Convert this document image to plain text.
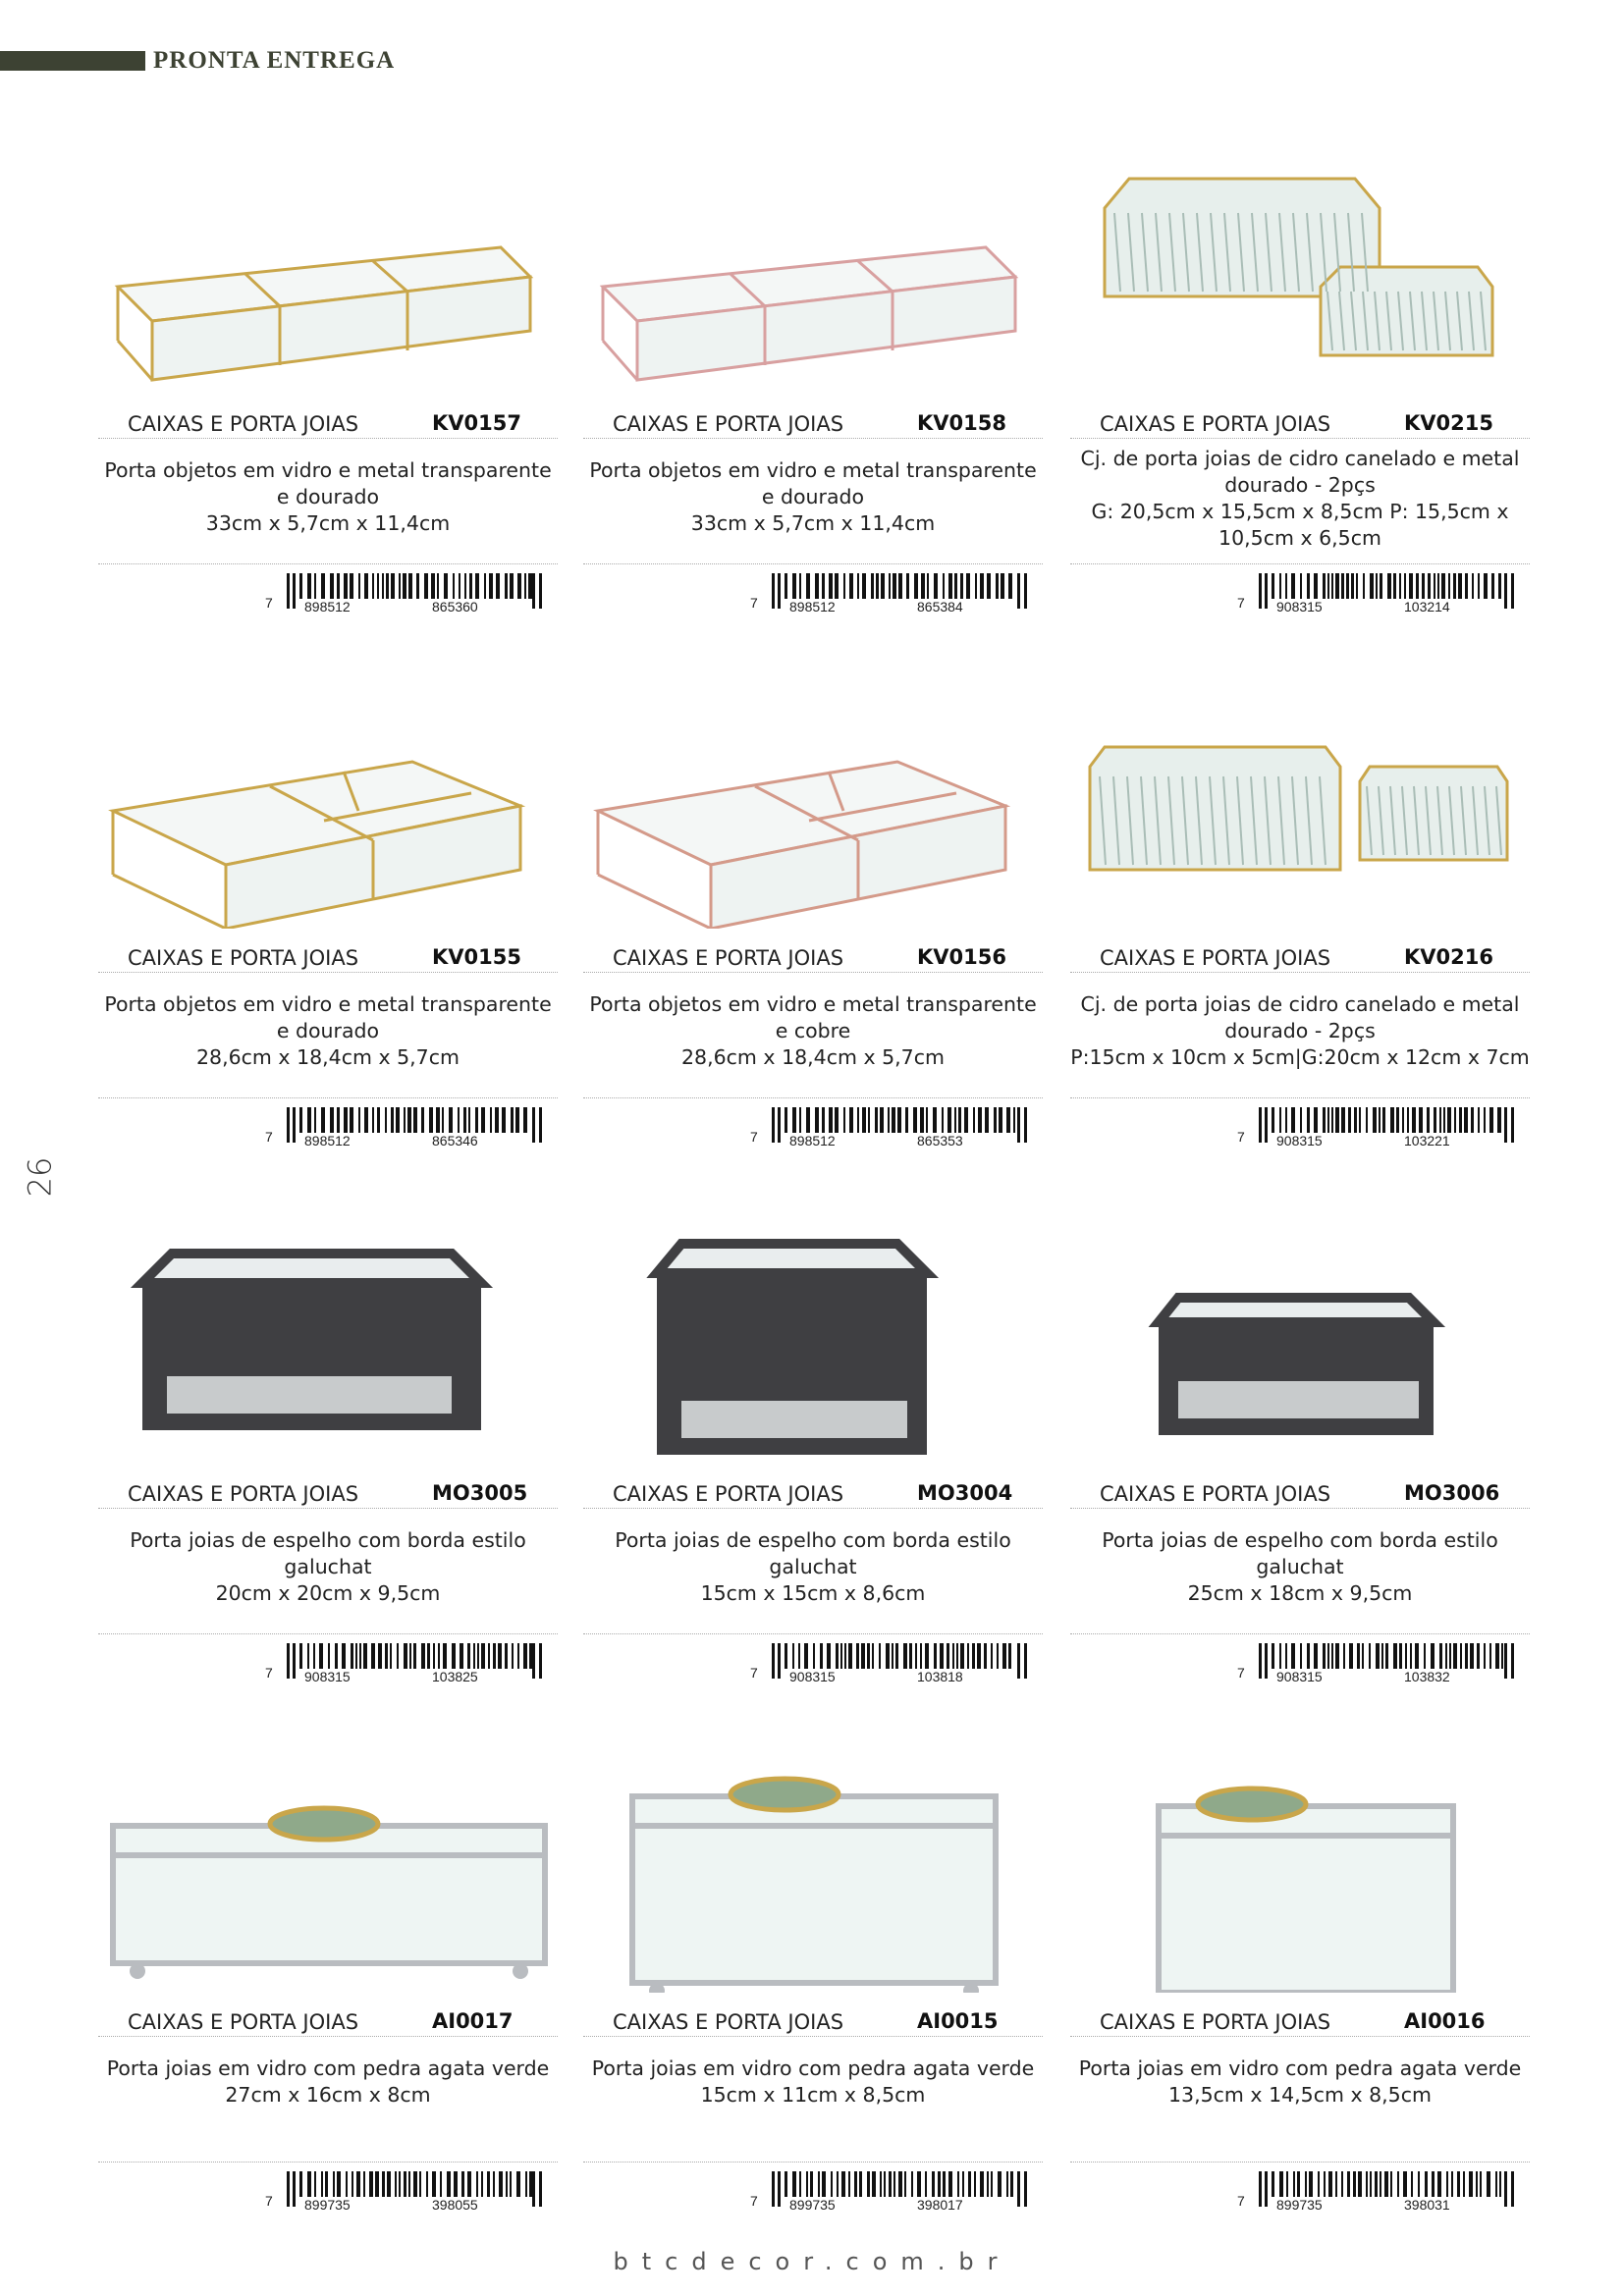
PRONTA ENTREGA
26
CAIXAS E PORTA JOIAS	KV0157
Porta objetos em vidro e metal transparente
e dourado
33cm x 5,7cm x 11,4cm
7 898512	865360
CAIXAS E PORTA JOIAS	KV0158
Porta objetos em vidro e metal transparente
e dourado
33cm x 5,7cm x 11,4cm
7 898512	865384
CAIXAS E PORTA JOIAS	KV0215
Cj. de porta joias de cidro canelado e metal
dourado - 2pçs
G: 20,5cm x 15,5cm x 8,5cm P: 15,5cm x
10,5cm x 6,5cm
7 908315	103214
CAIXAS E PORTA JOIAS	KV0155
Porta objetos em vidro e metal transparente
e dourado
28,6cm x 18,4cm x 5,7cm
7 898512	865346
CAIXAS E PORTA JOIAS	KV0156
Porta objetos em vidro e metal transparente
e cobre
28,6cm x 18,4cm x 5,7cm
7 898512	865353
CAIXAS E PORTA JOIAS	KV0216
Cj. de porta joias de cidro canelado e metal
dourado - 2pçs
P:15cm x 10cm x 5cm|G:20cm x 12cm x 7cm
7 908315	103221
CAIXAS E PORTA JOIAS	MO3005
Porta joias de espelho com borda estilo
galuchat
20cm x 20cm x 9,5cm
7 908315	103825
CAIXAS E PORTA JOIAS	MO3004
Porta joias de espelho com borda estilo
galuchat
15cm x 15cm x 8,6cm
7 908315	103818
CAIXAS E PORTA JOIAS	MO3006
Porta joias de espelho com borda estilo
galuchat
25cm x 18cm x 9,5cm
7 908315	103832
CAIXAS E PORTA JOIAS	AI0017
Porta joias em vidro com pedra agata verde
27cm x 16cm x 8cm
7 899735	398055
CAIXAS E PORTA JOIAS	AI0015
Porta joias em vidro com pedra agata verde
15cm x 11cm x 8,5cm
7 899735	398017
CAIXAS E PORTA JOIAS	AI0016
Porta joias em vidro com pedra agata verde
13,5cm x 14,5cm x 8,5cm
7 899735	398031
btcdecor.com.br
